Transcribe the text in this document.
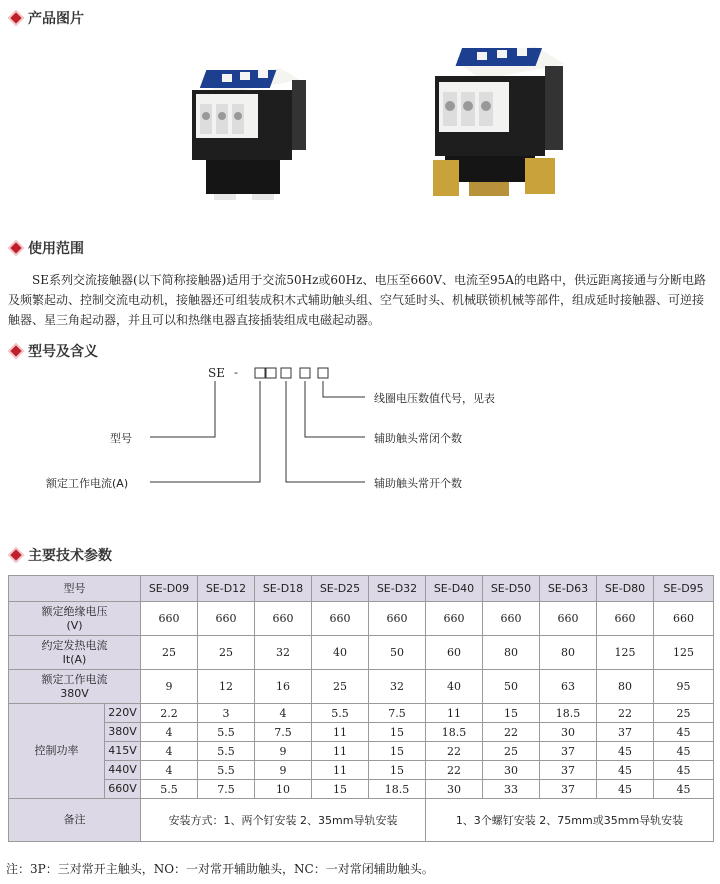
产品图片
使用范围
SE系列交流接触器(以下简称接触器)适用于交流50Hz或60Hz、电压至660V、电流至95A的电路中，供远距离接通与分断电路及频繁起动、控制交流电动机，接触器还可组装成积木式辅助触头组、空气延时头、机械联锁机械等部件，组成延时接触器、可逆接触器、星三角起动器，并且可以和热继电器直接插装组成电磁起动器。
型号及含义
SE -
型号
额定工作电流(A)
线圈电压数值代号，见表
辅助触头常闭个数
辅助触头常开个数
主要技术参数
型号		SE-D09	SE-D12	SE-D18	SE-D25	SE-D32	SE-D40	SE-D50	SE-D63	SE-D80	SE-D95
额定绝缘电压
(V)		660	660	660	660	660	660	660	660	660	660
约定发热电流
It(A)		25	25	32	40	50	60	80	80	125	125
额定工作电流
380V		9	12	16	25	32	40	50	63	80	95
控制功率	220V	2.2	3	4	5.5	7.5	11	15	18.5	22	25
	380V	4	5.5	7.5	11	15	18.5	22	30	37	45
	415V	4	5.5	9	11	15	22	25	37	45	45
	440V	4	5.5	9	11	15	22	30	37	45	45
	660V	5.5	7.5	10	15	18.5	30	33	37	45	45
备注		安装方式：1、两个钉安装 2、35mm导轨安装					1、3个螺钉安装 2、75mm或35mm导轨安装				
注：3P：三对常开主触头，NO：一对常开辅助触头，NC：一对常闭辅助触头。
